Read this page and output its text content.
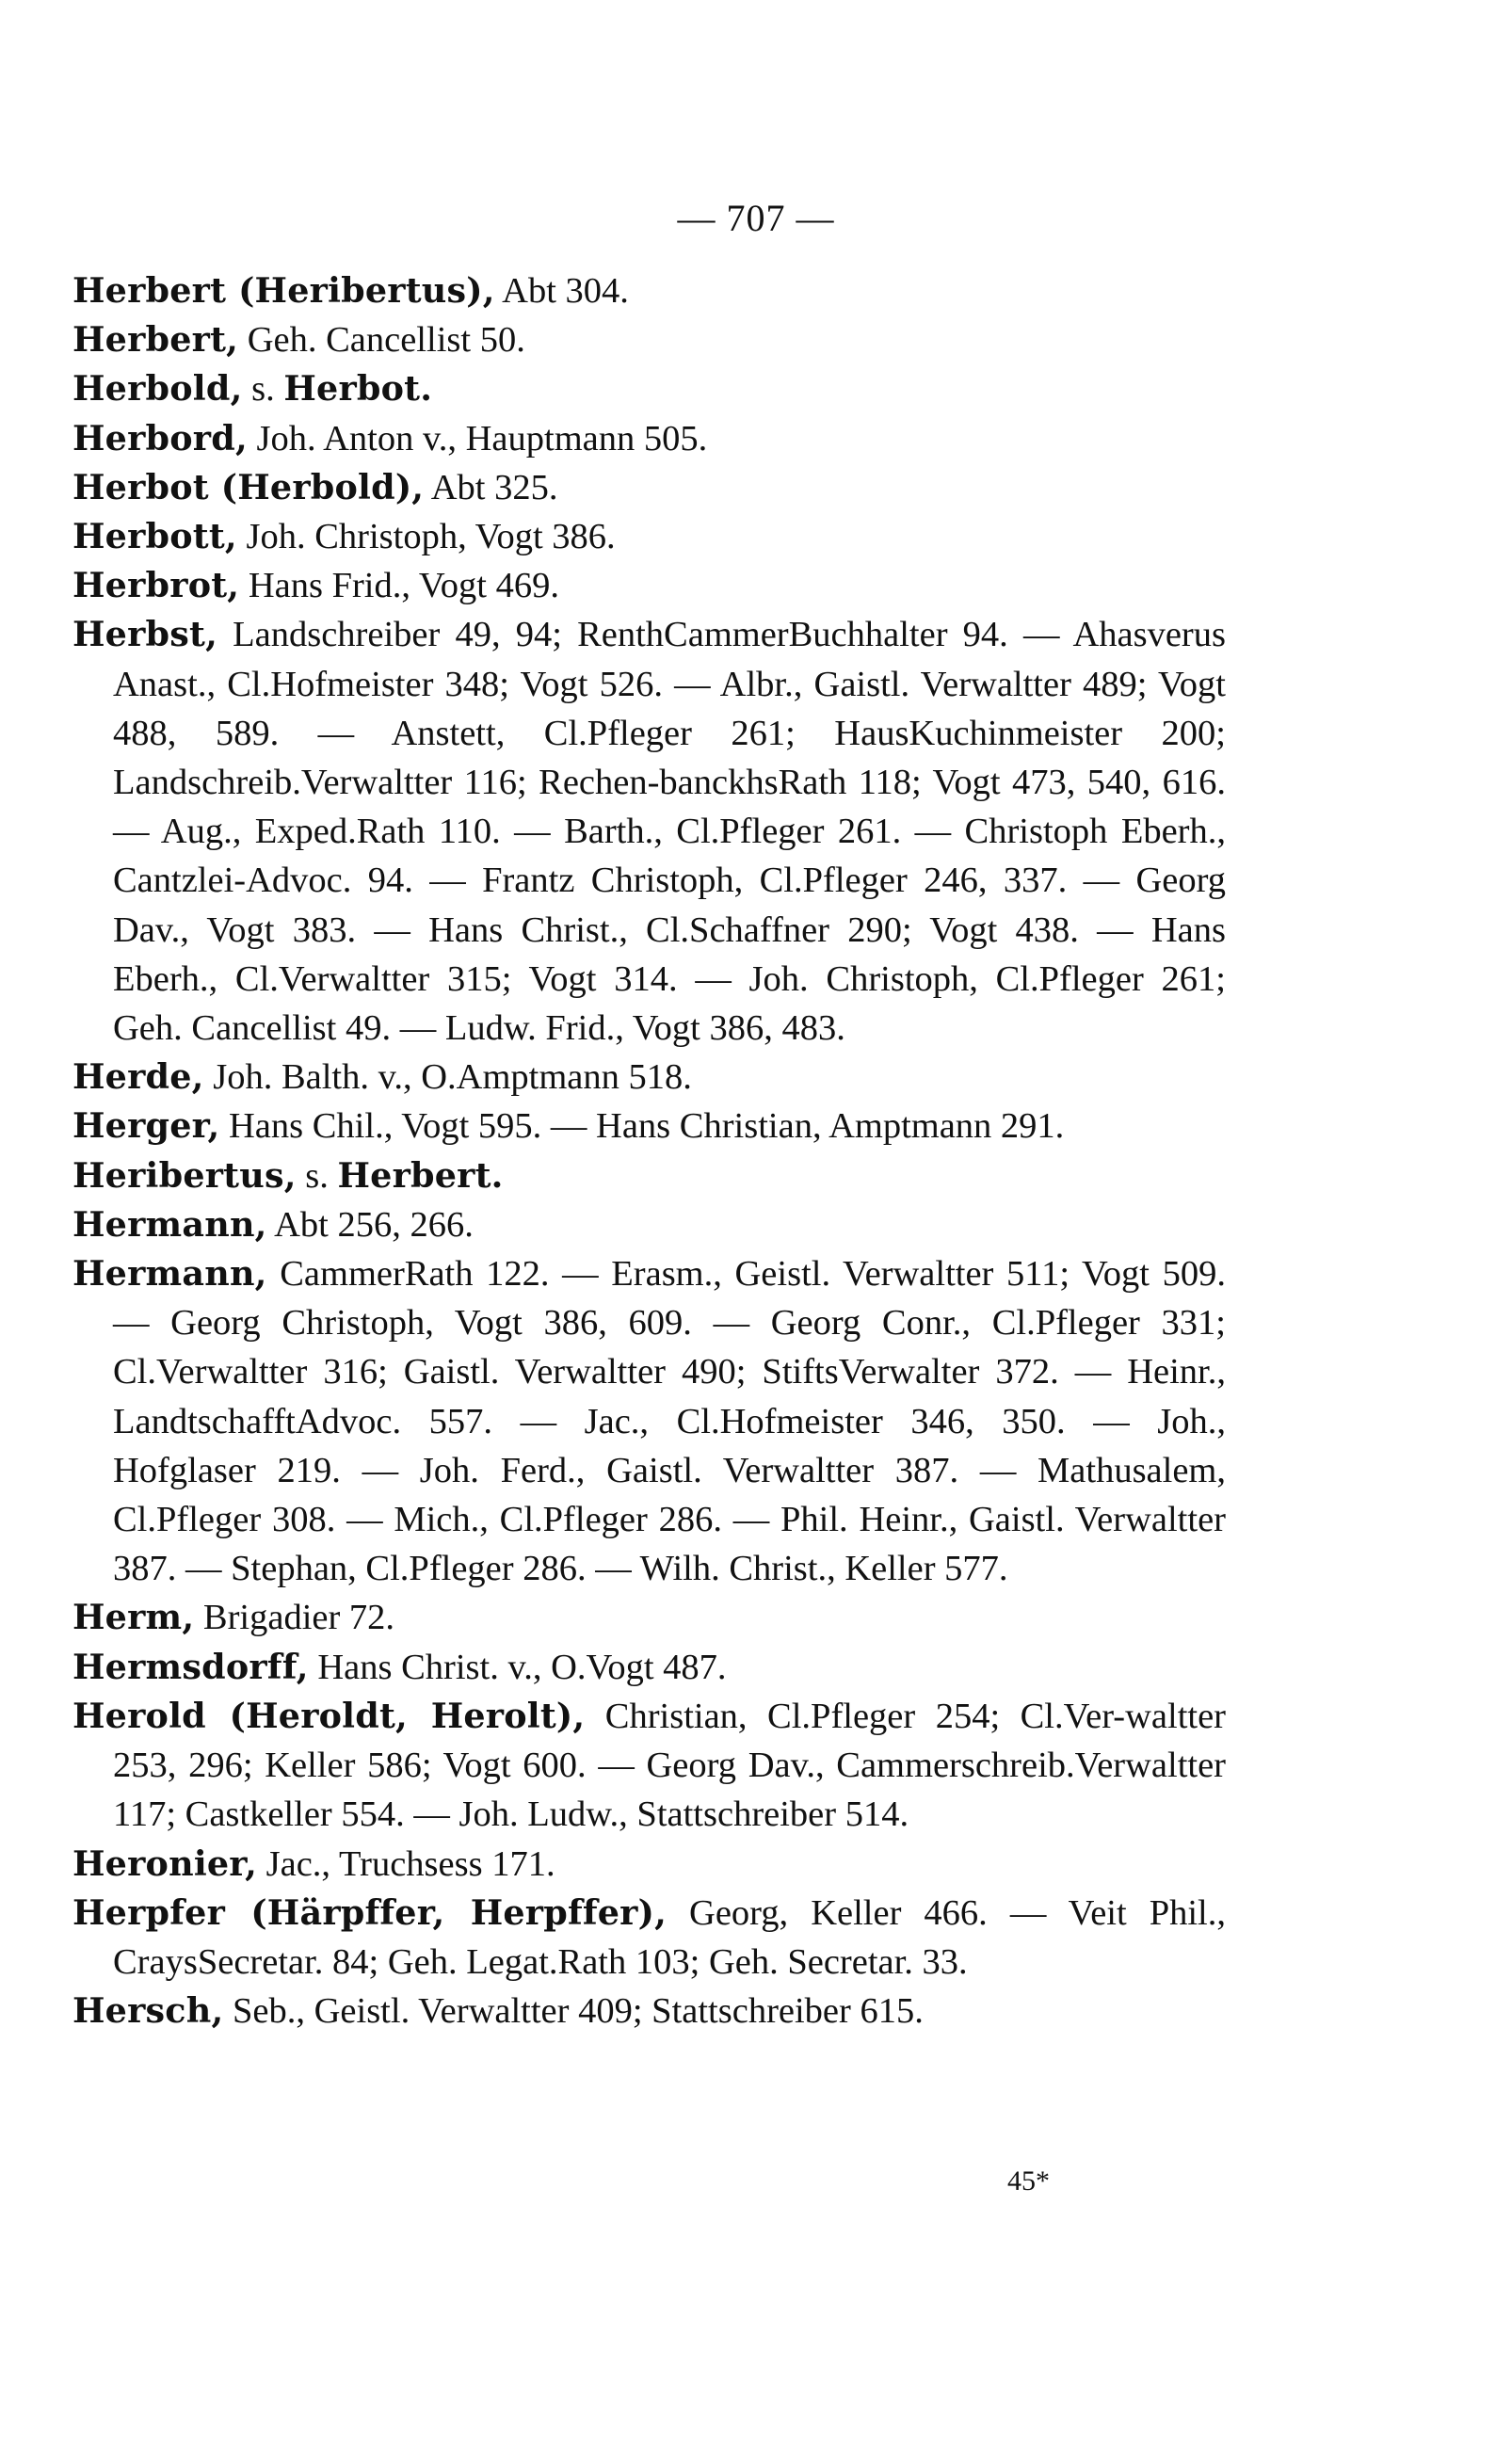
— 707 —

Herbert (Heribertus), Abt 304.

Herbert, Geh. Cancellist 50.

Herbold, s. Herbot.

Herbord, Joh. Anton v., Hauptmann 505.

Herbot (Herbold), Abt 325.

Herbott, Joh. Christoph, Vogt 386.

Herbrot, Hans Frid., Vogt 469.

Herbst, Landschreiber 49, 94; RenthCammerBuchhalter 94. — Ahasverus Anast., Cl.Hofmeister 348; Vogt 526. — Albr., Gaistl. Verwaltter 489; Vogt 488, 589. — Anstett, Cl.Pfleger 261; HausKuchinmeister 200; Landschreib.Verwaltter 116; Rechen-banckhsRath 118; Vogt 473, 540, 616. — Aug., Exped.Rath 110. — Barth., Cl.Pfleger 261. — Christoph Eberh., Cantzlei-Advoc. 94. — Frantz Christoph, Cl.Pfleger 246, 337. — Georg Dav., Vogt 383. — Hans Christ., Cl.Schaffner 290; Vogt 438. — Hans Eberh., Cl.Verwaltter 315; Vogt 314. — Joh. Christoph, Cl.Pfleger 261; Geh. Cancellist 49. — Ludw. Frid., Vogt 386, 483.

Herde, Joh. Balth. v., O.Amptmann 518.

Herger, Hans Chil., Vogt 595. — Hans Christian, Amptmann 291.

Heribertus, s. Herbert.

Hermann, Abt 256, 266.

Hermann, CammerRath 122. — Erasm., Geistl. Verwaltter 511; Vogt 509. — Georg Christoph, Vogt 386, 609. — Georg Conr., Cl.Pfleger 331; Cl.Verwaltter 316; Gaistl. Verwaltter 490; StiftsVerwalter 372. — Heinr., LandtschafftAdvoc. 557. — Jac., Cl.Hofmeister 346, 350. — Joh., Hofglaser 219. — Joh. Ferd., Gaistl. Verwaltter 387. — Mathusalem, Cl.Pfleger 308. — Mich., Cl.Pfleger 286. — Phil. Heinr., Gaistl. Verwaltter 387. — Stephan, Cl.Pfleger 286. — Wilh. Christ., Keller 577.

Herm, Brigadier 72.

Hermsdorff, Hans Christ. v., O.Vogt 487.

Herold (Heroldt, Herolt), Christian, Cl.Pfleger 254; Cl.Ver-waltter 253, 296; Keller 586; Vogt 600. — Georg Dav., Cammerschreib.Verwaltter 117; Castkeller 554. — Joh. Ludw., Stattschreiber 514.

Heronier, Jac., Truchsess 171.

Herpfer (Härpffer, Herpffer), Georg, Keller 466. — Veit Phil., CraysSecretar. 84; Geh. Legat.Rath 103; Geh. Secretar. 33.

Hersch, Seb., Geistl. Verwaltter 409; Stattschreiber 615.

45*
